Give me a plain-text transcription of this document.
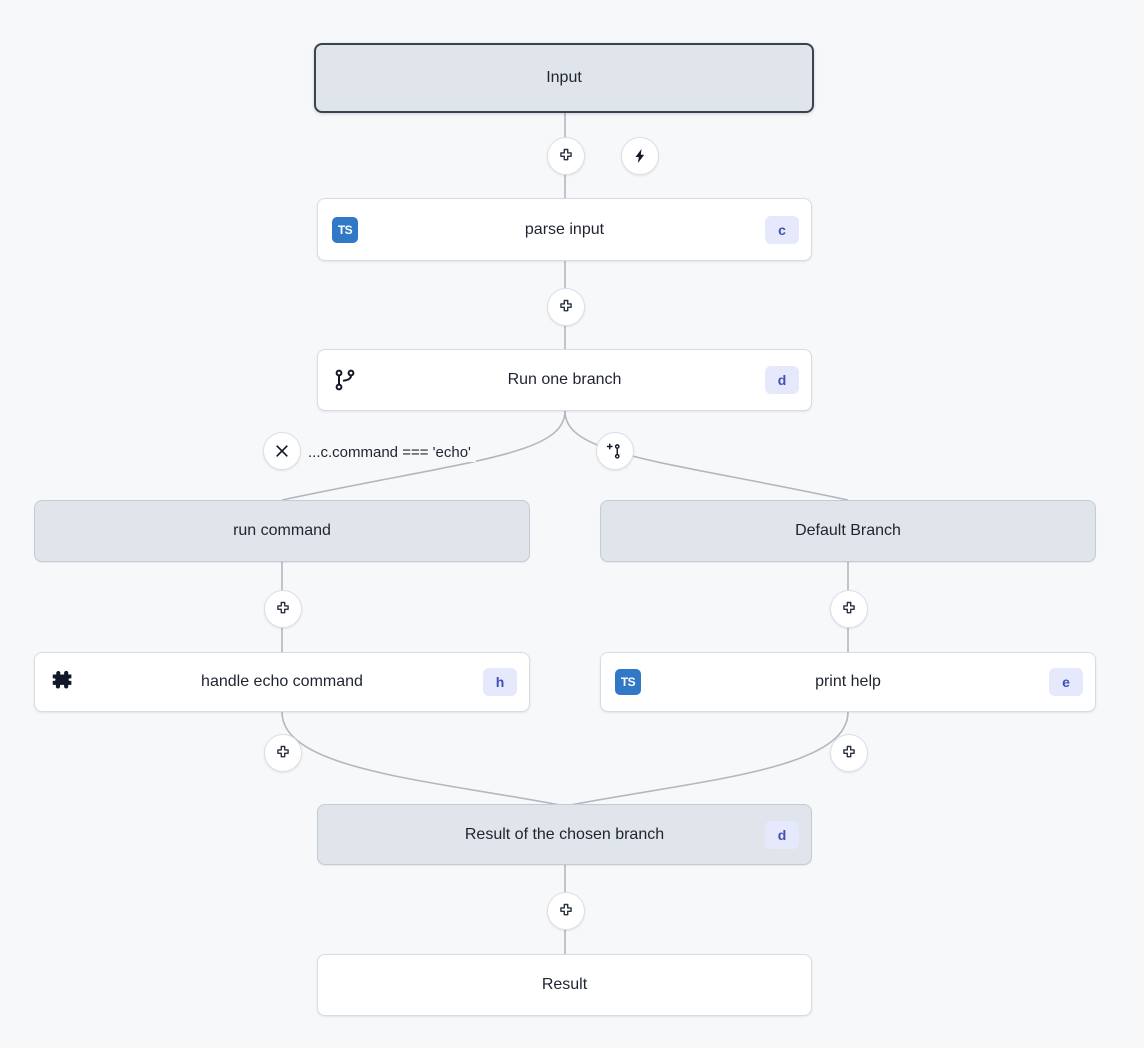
Input
TS	parse input	c
Run one branch	d
...c.command === 'echo'
run command	Default Branch
handle echo command	h	TS	print help	e
Result of the chosen branch	d
Result
